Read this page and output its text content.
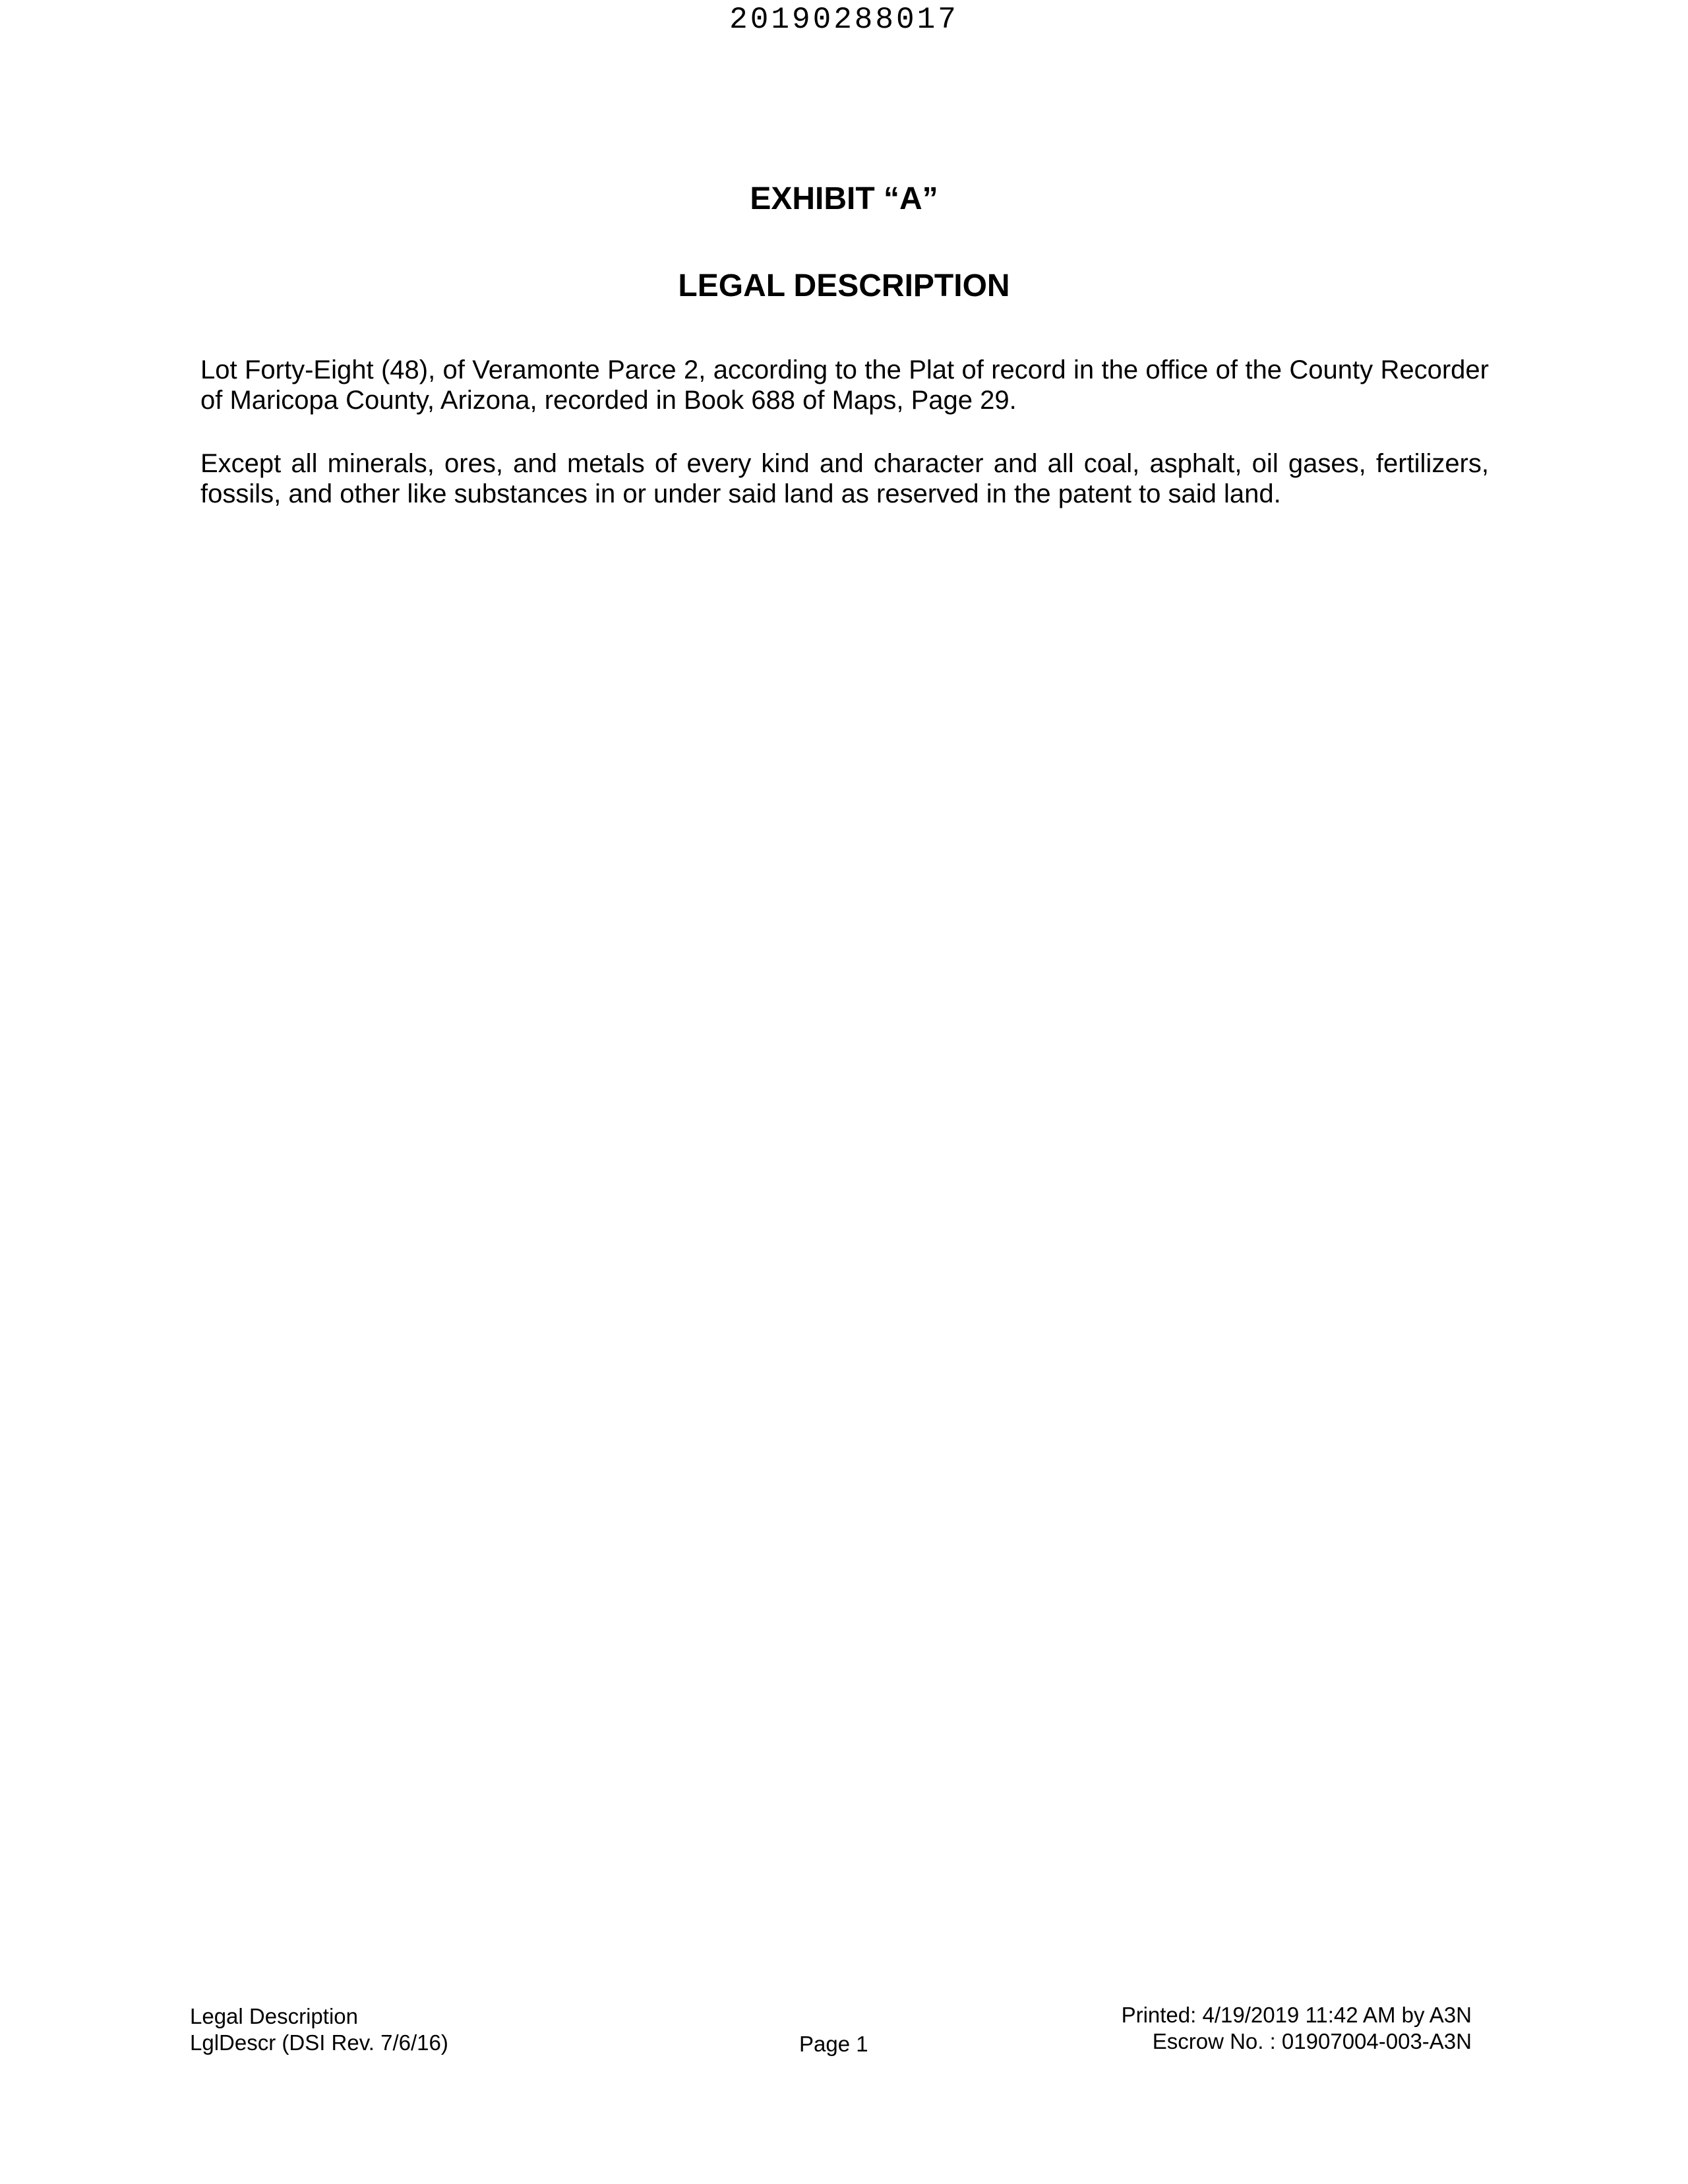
20190288017
EXHIBIT “A”
LEGAL DESCRIPTION

Lot Forty-Eight (48), of Veramonte Parce 2, according to the Plat of record in the office of the County Recorder of Maricopa County, Arizona, recorded in Book 688 of Maps, Page 29.

Except all minerals, ores, and metals of every kind and character and all coal, asphalt, oil gases, fertilizers, fossils, and other like substances in or under said land as reserved in the patent to said land.

Legal Description
LglDescr (DSI Rev. 7/6/16)	Page 1
Printed: 4/19/2019 11:42 AM by A3N
Escrow No. : 01907004-003-A3N
